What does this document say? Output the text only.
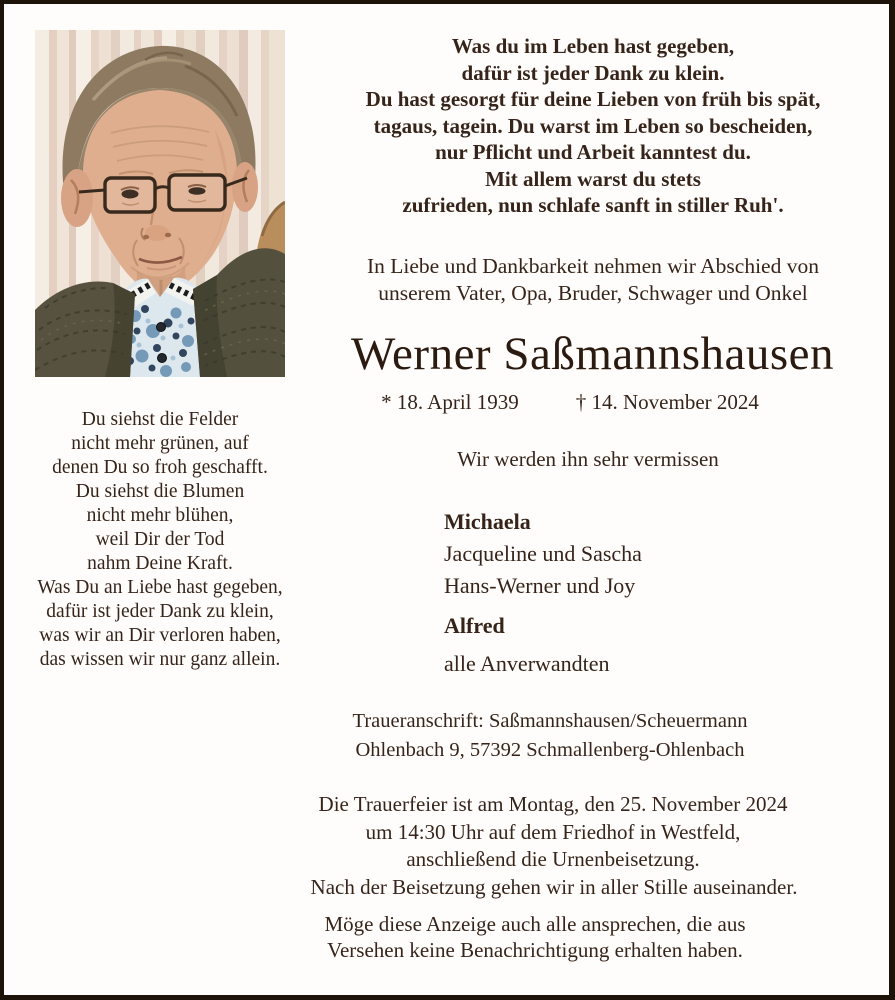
Was du im Leben hast gegeben,
dafür ist jeder Dank zu klein.
Du hast gesorgt für deine Lieben von früh bis spät,
tagaus, tagein. Du warst im Leben so bescheiden,
nur Pflicht und Arbeit kanntest du.
Mit allem warst du stets
zufrieden, nun schlafe sanft in stiller Ruh'.
In Liebe und Dankbarkeit nehmen wir Abschied von
unserem Vater, Opa, Bruder, Schwager und Onkel
Werner Saßmannshausen
* 18. April 1939	† 14. November 2024
Wir werden ihn sehr vermissen
Michaela
Jacqueline und Sascha
Hans-Werner und Joy
Alfred
alle Anverwandten
Du siehst die Felder
nicht mehr grünen, auf
denen Du so froh geschafft.
Du siehst die Blumen
nicht mehr blühen,
weil Dir der Tod
nahm Deine Kraft.
Was Du an Liebe hast gegeben,
dafür ist jeder Dank zu klein,
was wir an Dir verloren haben,
das wissen wir nur ganz allein.
Traueranschrift: Saßmannshausen/Scheuermann
Ohlenbach 9, 57392 Schmallenberg-Ohlenbach
Die Trauerfeier ist am Montag, den 25. November 2024
um 14:30 Uhr auf dem Friedhof in Westfeld,
anschließend die Urnenbeisetzung.
Nach der Beisetzung gehen wir in aller Stille auseinander.
Möge diese Anzeige auch alle ansprechen, die aus
Versehen keine Benachrichtigung erhalten haben.
